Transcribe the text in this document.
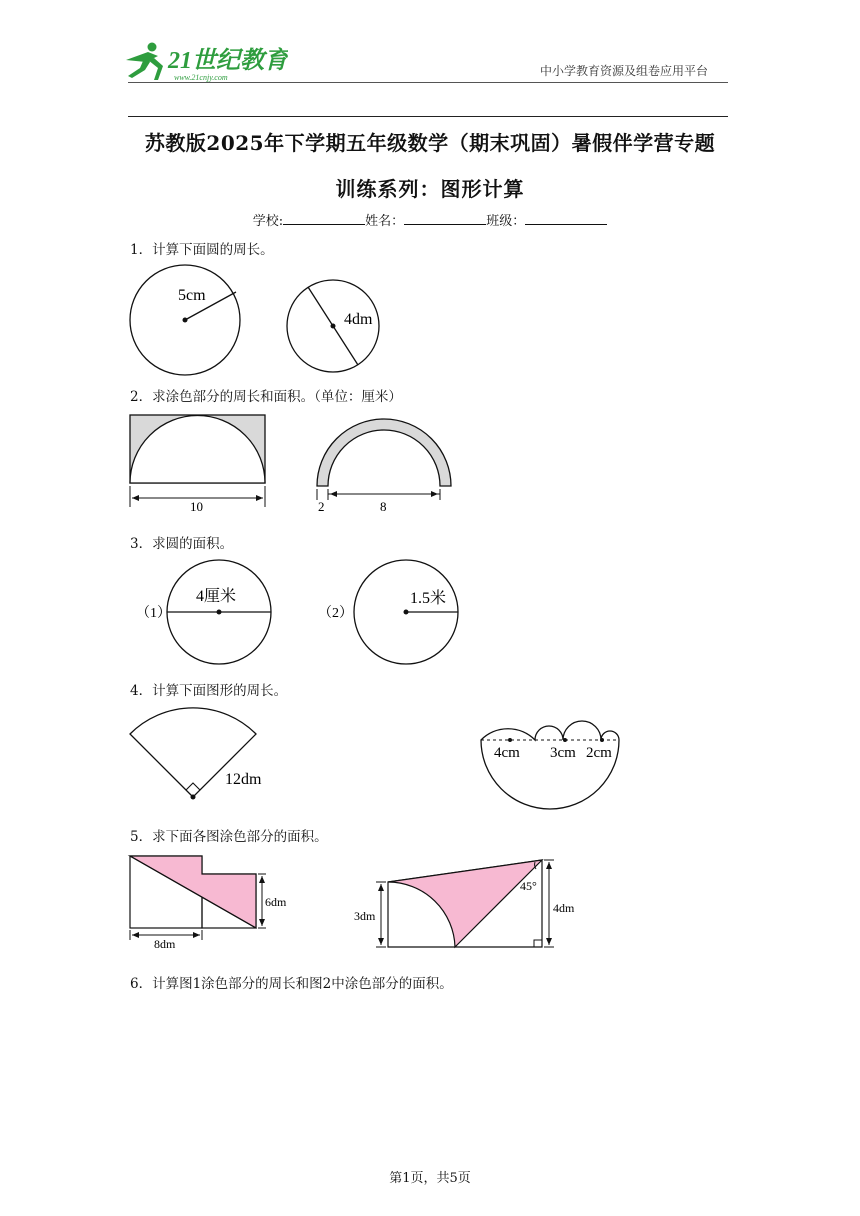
21世纪教育
www.21cnjy.com	中小学教育资源及组卷应用平台
苏教版2025年下学期五年级数学（期末巩固）暑假伴学营专题
训练系列：图形计算
学校:	姓名：	班级：
1．计算下面圆的周长。
5cm
4dm
2．求涂色部分的周长和面积。（单位：厘米）
10	2	8
3．求圆的面积。
（1）
4厘米
（2）
1.5米
4．计算下面图形的周长。
12dm
4cm 3cm 2cm
5．求下面各图涂色部分的面积。
6dm
8dm
45°
3dm
4dm
6．计算图1涂色部分的周长和图2中涂色部分的面积。
第1页，共5页
